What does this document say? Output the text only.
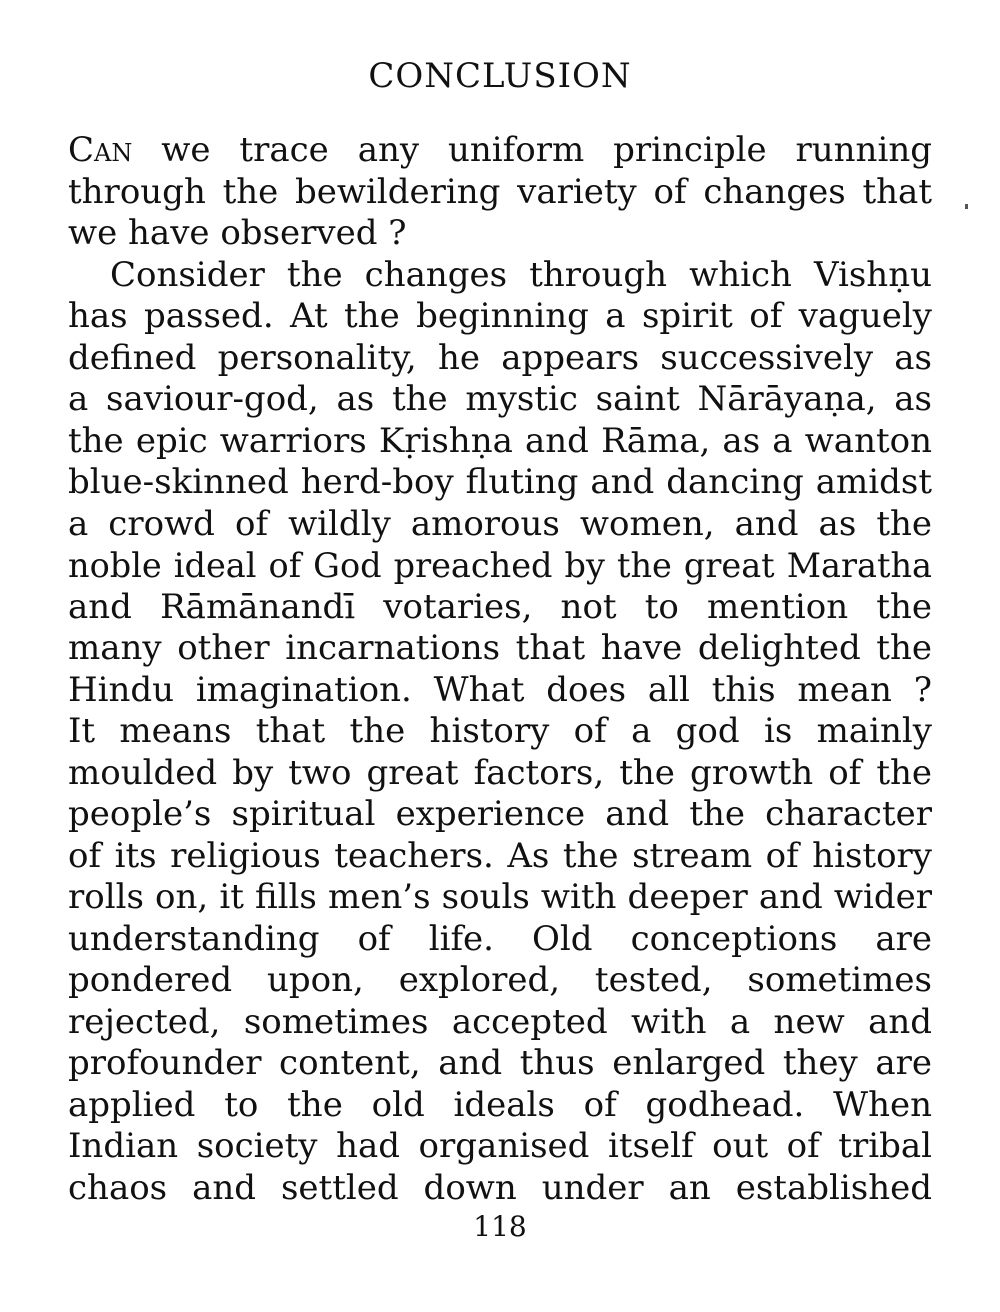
CONCLUSION
Can we trace any uniform principle running
through the bewildering variety of changes that
we have observed ?
Consider the changes through which Vishṇu
has passed. At the beginning a spirit of vaguely
defined personality, he appears successively as
a saviour-god, as the mystic saint Nārāyaṇa, as
the epic warriors Kṛishṇa and Rāma, as a wanton
blue-skinned herd-boy fluting and dancing amidst
a crowd of wildly amorous women, and as the
noble ideal of God preached by the great Maratha
and Rāmānandī votaries, not to mention the
many other incarnations that have delighted the
Hindu imagination. What does all this mean ?
It means that the history of a god is mainly
moulded by two great factors, the growth of the
people’s spiritual experience and the character
of its religious teachers. As the stream of history
rolls on, it fills men’s souls with deeper and wider
understanding of life. Old conceptions are
pondered upon, explored, tested, sometimes
rejected, sometimes accepted with a new and
profounder content, and thus enlarged they are
applied to the old ideals of godhead. When
Indian society had organised itself out of tribal
chaos and settled down under an established
118
